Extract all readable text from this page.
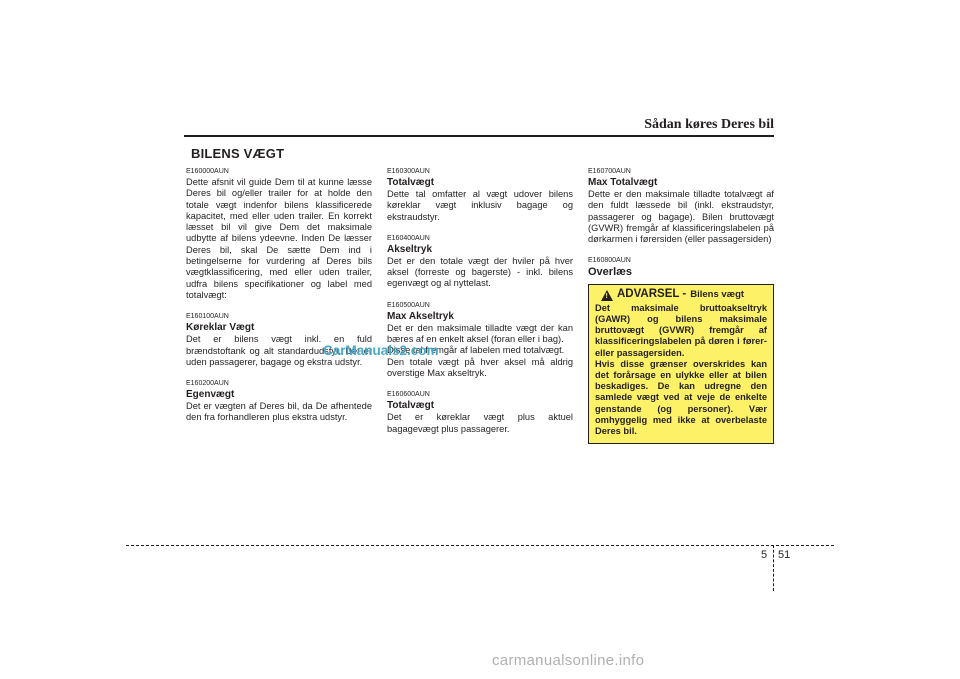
Sådan køres Deres bil
BILENS VÆGT
E160000AUN
Dette afsnit vil guide Dem til at kunne læsse Deres bil og/eller trailer for at holde den totale vægt indenfor bilens klassificerede kapacitet, med eller uden trailer. En korrekt læsset bil vil give Dem det maksimale udbytte af bilens ydeevne. Inden De læsser Deres bil, skal De sætte Dem ind i betingelserne for vurdering af Deres bils vægtklassificering, med eller uden trailer, udfra bilens specifikationer og label med totalvægt:
E160100AUN
Køreklar Vægt
Det er bilens vægt inkl. en fuld brændstoftank og alt standardudstyr. Det er uden passagerer, bagage og ekstra udstyr.
E160200AUN
Egenvægt
Det er vægten af Deres bil, da De afhentede den fra forhandleren plus ekstra udstyr.
E160300AUN
Totalvægt
Dette tal omfatter al vægt udover bilens køreklar vægt inklusiv bagage og ekstraudstyr.
E160400AUN
Akseltryk
Det er den totale vægt der hviler på hver aksel (forreste og bagerste) - inkl. bilens egenvægt og al nyttelast.
E160500AUN
Max Akseltryk
Det er den maksimale tilladte vægt der kan bæres af en enkelt aksel (foran eller i bag).
Disse tal fremgår af labelen med totalvægt.
Den totale vægt på hver aksel må aldrig overstige Max akseltryk.
E160600AUN
Totalvægt
Det er køreklar vægt plus aktuel bagagevægt plus passagerer.
E160700AUN
Max Totalvægt
Dette er den maksimale tilladte totalvægt af den fuldt læssede bil (inkl. ekstraudstyr, passagerer og bagage). Bilen bruttovægt (GVWR) fremgår af klassificeringslabelen på dørkarmen i førersiden (eller passagersiden)
E160800AUN
Overlæs
! ADVARSEL - Bilens vægt
Det maksimale bruttoakseltryk (GAWR) og bilens maksimale bruttovægt (GVWR) fremgår af klassificeringslabelen på døren i fører- eller passagersiden.
Hvis disse grænser overskrides kan det forårsage en ulykke eller at bilen beskadiges. De kan udregne den samlede vægt ved at veje de enkelte genstande (og personer). Vær omhyggelig med ikke at overbelaste Deres bil.
CarManuals2.com
5 51
carmanualsonline.info
